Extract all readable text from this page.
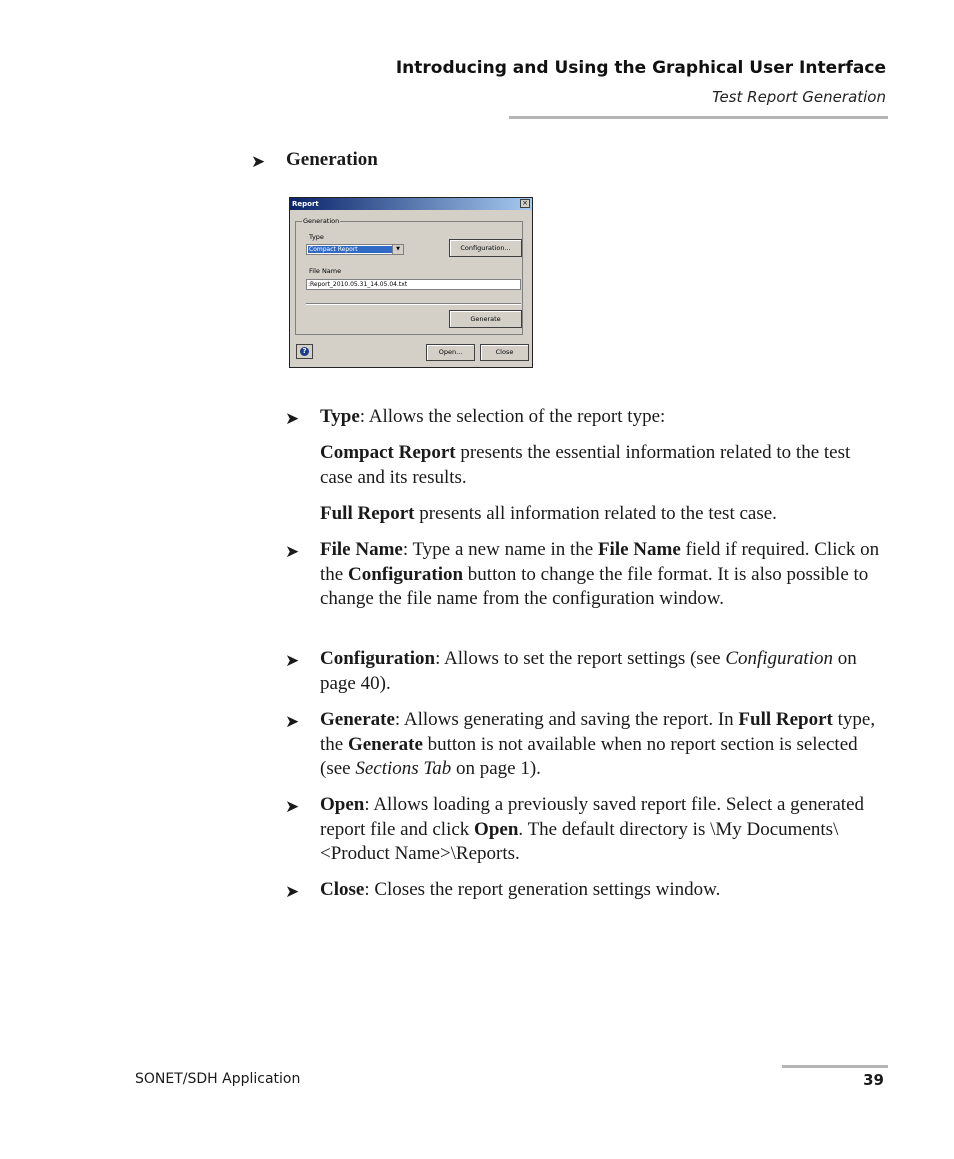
Introducing and Using the Graphical User Interface
Test Report Generation
➤ Generation
Report	×
Generation
Type
Compact Report	▼	Configuration...
File Name
:Report_2010.05.31_14.05.04.txt
Generate
?	Open...	Close
➤
➤
➤
➤
➤
➤

Type: Allows the selection of the report type:

Compact Report presents the essential information related to the test case and its results.

Full Report presents all information related to the test case.

File Name: Type a new name in the File Name field if required. Click on the Configuration button to change the file format. It is also possible to change the file name from the configuration window.

Configuration: Allows to set the report settings (see Configuration on page 40).

Generate: Allows generating and saving the report. In Full Report type, the Generate button is not available when no report section is selected (see Sections Tab on page 1).

Open: Allows loading a previously saved report file. Select a generated report file and click Open. The default directory is \My Documents\<Product Name>\Reports.

Close: Closes the report generation settings window.

SONET/SDH Application	39
